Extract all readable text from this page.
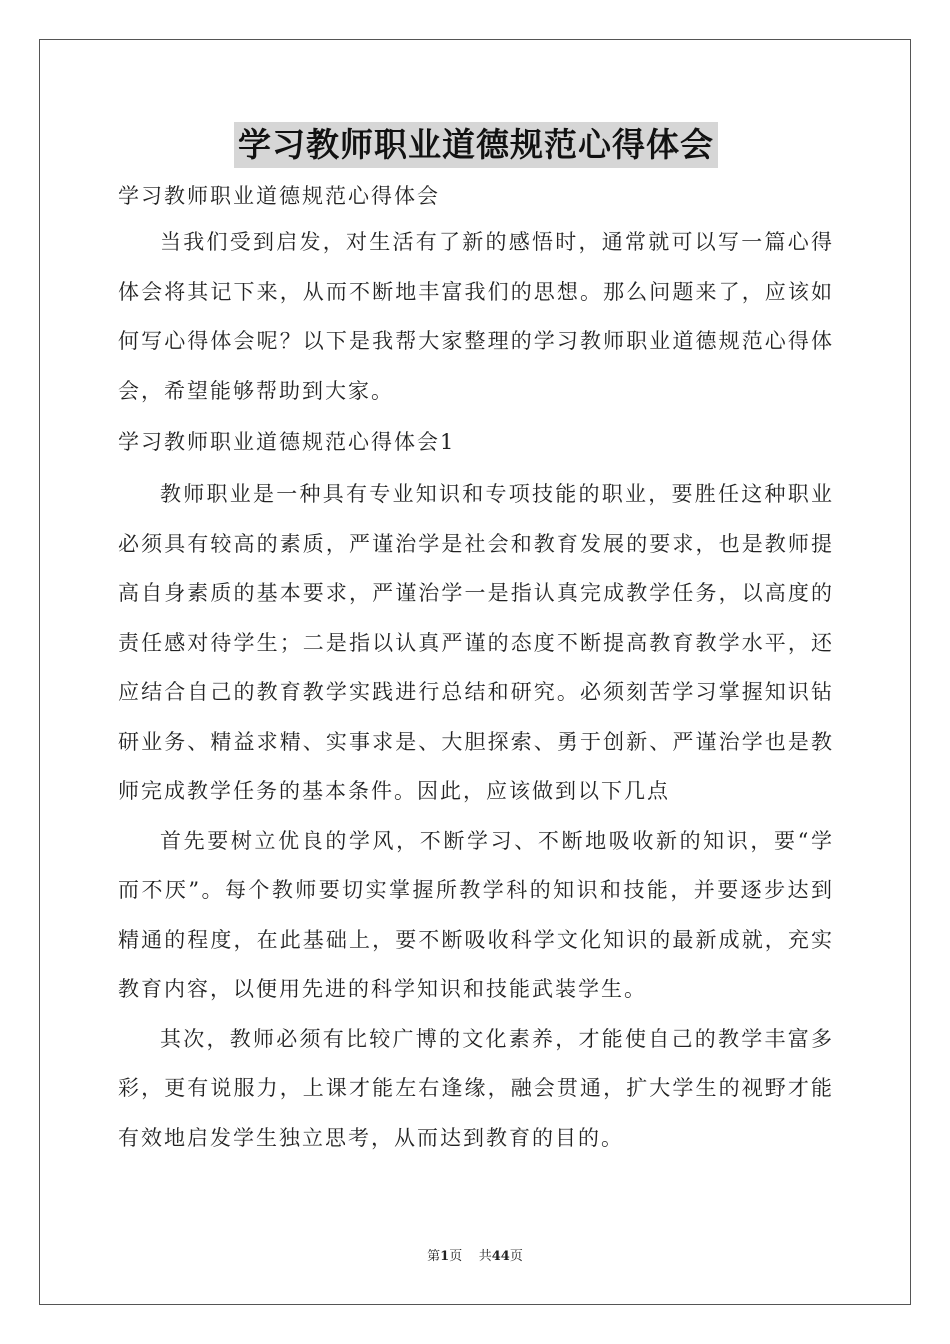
学习教师职业道德规范心得体会

学习教师职业道德规范心得体会

当我们受到启发，对生活有了新的感悟时，通常就可以写一篇心得体会将其记下来，从而不断地丰富我们的思想。那么问题来了，应该如何写心得体会呢？以下是我帮大家整理的学习教师职业道德规范心得体会，希望能够帮助到大家。

学习教师职业道德规范心得体会1

教师职业是一种具有专业知识和专项技能的职业，要胜任这种职业必须具有较高的素质，严谨治学是社会和教育发展的要求，也是教师提高自身素质的基本要求，严谨治学一是指认真完成教学任务，以高度的责任感对待学生；二是指以认真严谨的态度不断提高教育教学水平，还应结合自己的教育教学实践进行总结和研究。必须刻苦学习掌握知识钻研业务、精益求精、实事求是、大胆探索、勇于创新、严谨治学也是教师完成教学任务的基本条件。因此，应该做到以下几点

首先要树立优良的学风，不断学习、不断地吸收新的知识，要“学而不厌”。每个教师要切实掌握所教学科的知识和技能，并要逐步达到精通的程度，在此基础上，要不断吸收科学文化知识的最新成就，充实教育内容，以便用先进的科学知识和技能武装学生。

其次，教师必须有比较广博的文化素养，才能使自己的教学丰富多彩，更有说服力，上课才能左右逢缘，融会贯通，扩大学生的视野才能有效地启发学生独立思考，从而达到教育的目的。

第1页 共44页
